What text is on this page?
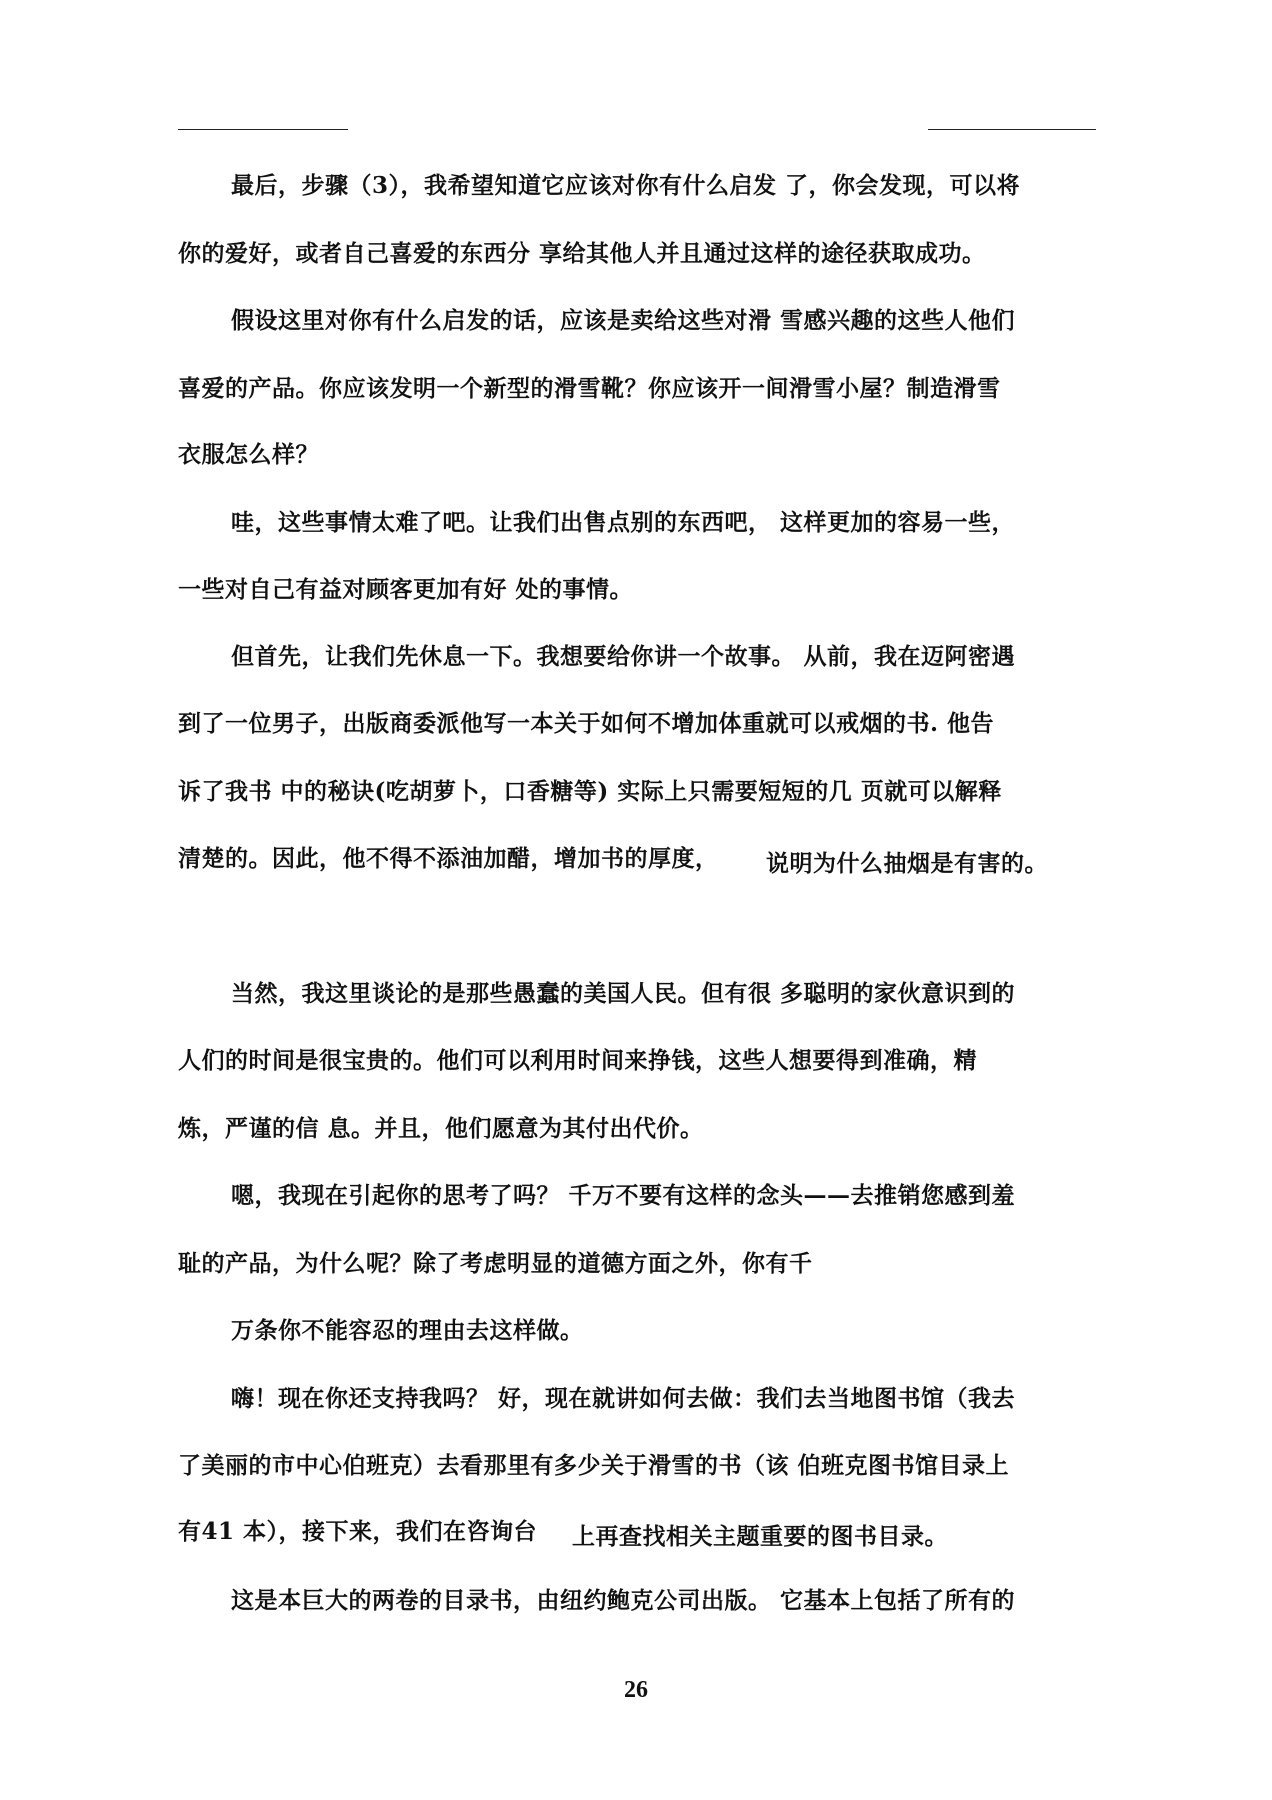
最后，步骤（3），我希望知道它应该对你有什么启发 了，你会发现，可以将
你的爱好，或者自己喜爱的东西分 享给其他人并且通过这样的途径获取成功。
假设这里对你有什么启发的话，应该是卖给这些对滑 雪感兴趣的这些人他们
喜爱的产品。你应该发明一个新型的滑雪靴？你应该开一间滑雪小屋？制造滑雪
衣服怎么样？
哇，这些事情太难了吧。让我们出售点别的东西吧， 这样更加的容易一些，
一些对自己有益对顾客更加有好 处的事情。
但首先，让我们先休息一下。我想要给你讲一个故事。 从前，我在迈阿密遇
到了一位男子，出版商委派他写一本关于如何不增加体重就可以戒烟的书. 他告
诉了我书 中的秘诀(吃胡萝卜，口香糖等) 实际上只需要短短的几 页就可以解释
清楚的。因此，他不得不添油加醋，增加书的厚度， 说明为什么抽烟是有害的。
当然，我这里谈论的是那些愚蠢的美国人民。但有很 多聪明的家伙意识到的
人们的时间是很宝贵的。他们可以利用时间来挣钱，这些人想要得到准确，精
炼，严谨的信 息。并且，他们愿意为其付出代价。
嗯，我现在引起你的思考了吗？ 千万不要有这样的念头——去推销您感到羞
耻的产品，为什么呢？除了考虑明显的道德方面之外，你有千
万条你不能容忍的理由去这样做。
嗨！现在你还支持我吗？ 好，现在就讲如何去做：我们去当地图书馆（我去
了美丽的市中心伯班克）去看那里有多少关于滑雪的书（该 伯班克图书馆目录上
有41 本），接下来，我们在咨询台 上再查找相关主题重要的图书目录。
这是本巨大的两卷的目录书，由纽约鲍克公司出版。 它基本上包括了所有的
26
